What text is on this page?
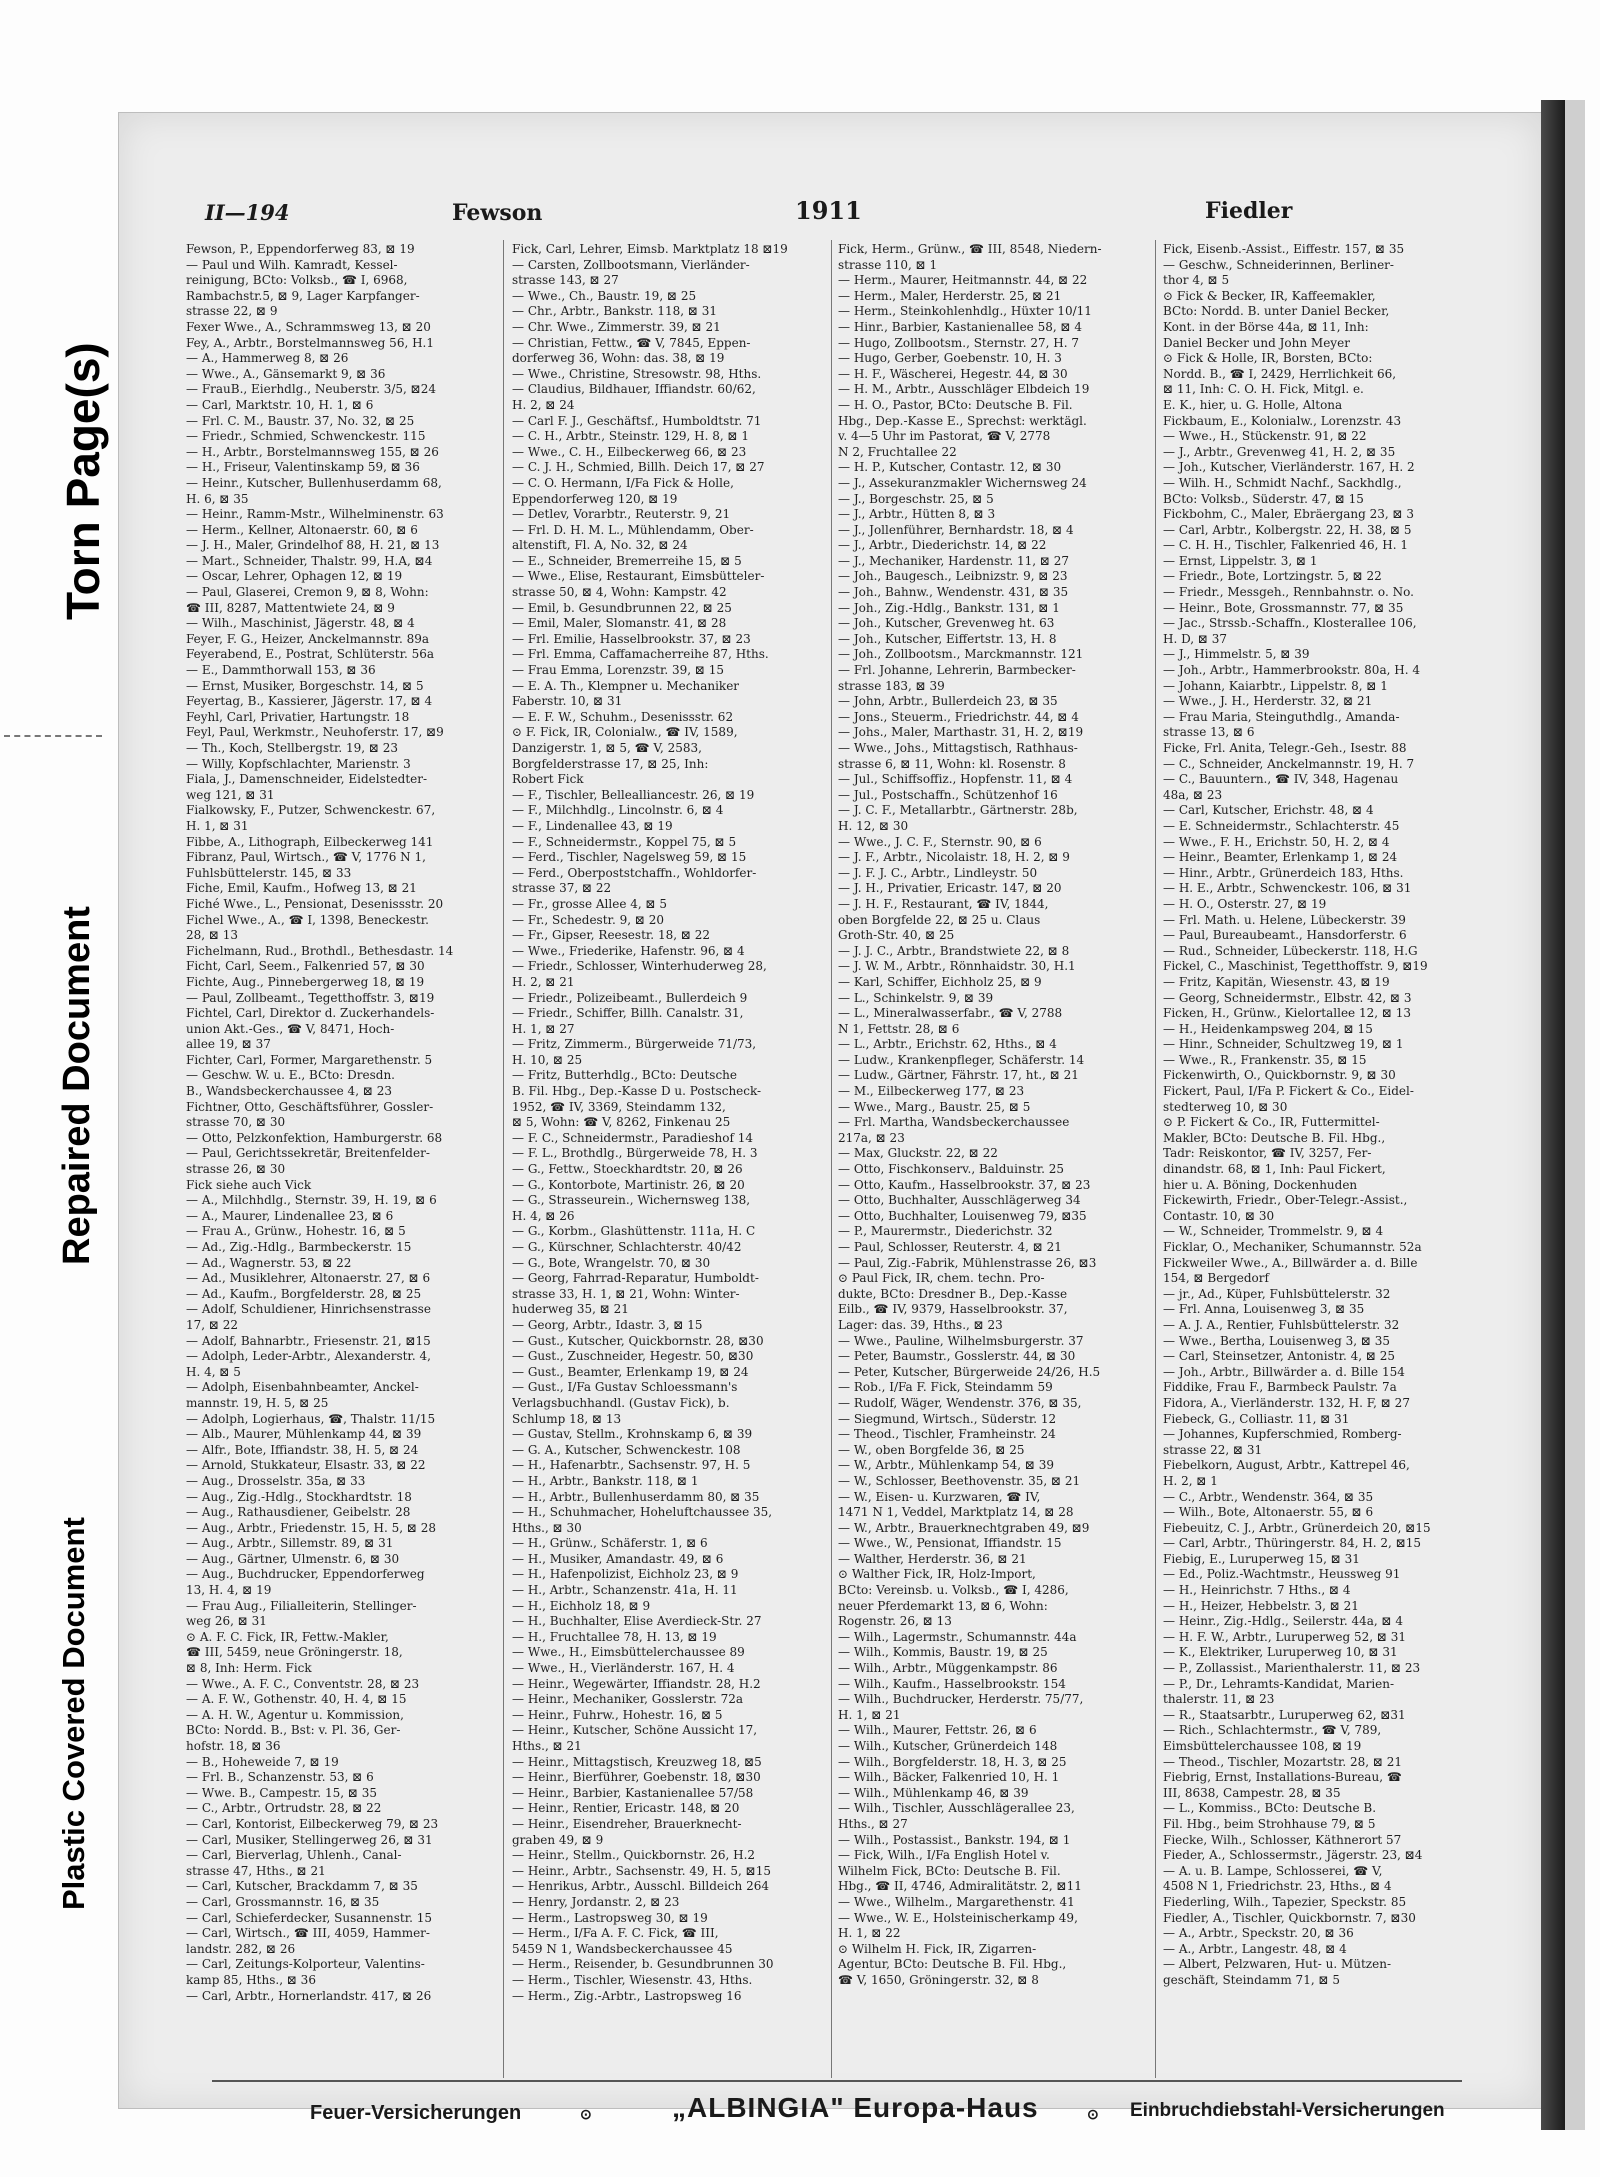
Torn Page(s)
Repaired Document
Plastic Covered Document
II—194	Fewson	1911	Fiedler
Fewson, P., Eppendorferweg 83, ⊠ 19
— Paul und Wilh. Kamradt, Kessel-
reinigung, BCto: Volksb., ☎ I, 6968,
Rambachstr.5, ⊠ 9, Lager Karpfanger-
strasse 22, ⊠ 9
Fexer Wwe., A., Schrammsweg 13, ⊠ 20
Fey, A., Arbtr., Borstelmannsweg 56, H.1
— A., Hammerweg 8, ⊠ 26
— Wwe., A., Gänsemarkt 9, ⊠ 36
— FrauB., Eierhdlg., Neuberstr. 3/5, ⊠24
— Carl, Marktstr. 10, H. 1, ⊠ 6
— Frl. C. M., Baustr. 37, No. 32, ⊠ 25
— Friedr., Schmied, Schwenckestr. 115
— H., Arbtr., Borstelmannsweg 155, ⊠ 26
— H., Friseur, Valentinskamp 59, ⊠ 36
— Heinr., Kutscher, Bullenhuserdamm 68,
H. 6, ⊠ 35
— Heinr., Ramm-Mstr., Wilhelminenstr. 63
— Herm., Kellner, Altonaerstr. 60, ⊠ 6
— J. H., Maler, Grindelhof 88, H. 21, ⊠ 13
— Mart., Schneider, Thalstr. 99, H.A, ⊠4
— Oscar, Lehrer, Ophagen 12, ⊠ 19
— Paul, Glaserei, Cremon 9, ⊠ 8, Wohn:
☎ III, 8287, Mattentwiete 24, ⊠ 9
— Wilh., Maschinist, Jägerstr. 48, ⊠ 4
Feyer, F. G., Heizer, Anckelmannstr. 89a
Feyerabend, E., Postrat, Schlüterstr. 56a
— E., Dammthorwall 153, ⊠ 36
— Ernst, Musiker, Borgeschstr. 14, ⊠ 5
Feyertag, B., Kassierer, Jägerstr. 17, ⊠ 4
Feyhl, Carl, Privatier, Hartungstr. 18
Feyl, Paul, Werkmstr., Neuhoferstr. 17, ⊠9
— Th., Koch, Stellbergstr. 19, ⊠ 23
— Willy, Kopfschlachter, Marienstr. 3
Fiala, J., Damenschneider, Eidelstedter-
weg 121, ⊠ 31
Fialkowsky, F., Putzer, Schwenckestr. 67,
H. 1, ⊠ 31
Fibbe, A., Lithograph, Eilbeckerweg 141
Fibranz, Paul, Wirtsch., ☎ V, 1776 N 1,
Fuhlsbüttelerstr. 145, ⊠ 33
Fiche, Emil, Kaufm., Hofweg 13, ⊠ 21
Fiché Wwe., L., Pensionat, Desenissstr. 20
Fichel Wwe., A., ☎ I, 1398, Beneckestr.
28, ⊠ 13
Fichelmann, Rud., Brothdl., Bethesdastr. 14
Ficht, Carl, Seem., Falkenried 57, ⊠ 30
Fichte, Aug., Pinnebergerweg 18, ⊠ 19
— Paul, Zollbeamt., Tegetthoffstr. 3, ⊠19
Fichtel, Carl, Direktor d. Zuckerhandels-
union Akt.-Ges., ☎ V, 8471, Hoch-
allee 19, ⊠ 37
Fichter, Carl, Former, Margarethenstr. 5
— Geschw. W. u. E., BCto: Dresdn.
B., Wandsbeckerchaussee 4, ⊠ 23
Fichtner, Otto, Geschäftsführer, Gossler-
strasse 70, ⊠ 30
— Otto, Pelzkonfektion, Hamburgerstr. 68
— Paul, Gerichtssekretär, Breitenfelder-
strasse 26, ⊠ 30
Fick siehe auch Vick
— A., Milchhdlg., Sternstr. 39, H. 19, ⊠ 6
— A., Maurer, Lindenallee 23, ⊠ 6
— Frau A., Grünw., Hohestr. 16, ⊠ 5
— Ad., Zig.-Hdlg., Barmbeckerstr. 15
— Ad., Wagnerstr. 53, ⊠ 22
— Ad., Musiklehrer, Altonaerstr. 27, ⊠ 6
— Ad., Kaufm., Borgfelderstr. 28, ⊠ 25
— Adolf, Schuldiener, Hinrichsenstrasse
17, ⊠ 22
— Adolf, Bahnarbtr., Friesenstr. 21, ⊠15
— Adolph, Leder-Arbtr., Alexanderstr. 4,
H. 4, ⊠ 5
— Adolph, Eisenbahnbeamter, Anckel-
mannstr. 19, H. 5, ⊠ 25
— Adolph, Logierhaus, ☎, Thalstr. 11/15
— Alb., Maurer, Mühlenkamp 44, ⊠ 39
— Alfr., Bote, Iffiandstr. 38, H. 5, ⊠ 24
— Arnold, Stukkateur, Elsastr. 33, ⊠ 22
— Aug., Drosselstr. 35a, ⊠ 33
— Aug., Zig.-Hdlg., Stockhardtstr. 18
— Aug., Rathausdiener, Geibelstr. 28
— Aug., Arbtr., Friedenstr. 15, H. 5, ⊠ 28
— Aug., Arbtr., Sillemstr. 89, ⊠ 31
— Aug., Gärtner, Ulmenstr. 6, ⊠ 30
— Aug., Buchdrucker, Eppendorferweg
13, H. 4, ⊠ 19
— Frau Aug., Filialleiterin, Stellinger-
weg 26, ⊠ 31
⊙ A. F. C. Fick, IR, Fettw.-Makler,
☎ III, 5459, neue Gröningerstr. 18,
⊠ 8, Inh: Herm. Fick
— Wwe., A. F. C., Conventstr. 28, ⊠ 23
— A. F. W., Gothenstr. 40, H. 4, ⊠ 15
— A. H. W., Agentur u. Kommission,
BCto: Nordd. B., Bst: v. Pl. 36, Ger-
hofstr. 18, ⊠ 36
— B., Hoheweide 7, ⊠ 19
— Frl. B., Schanzenstr. 53, ⊠ 6
— Wwe. B., Campestr. 15, ⊠ 35
— C., Arbtr., Ortrudstr. 28, ⊠ 22
— Carl, Kontorist, Eilbeckerweg 79, ⊠ 23
— Carl, Musiker, Stellingerweg 26, ⊠ 31
— Carl, Bierverlag, Uhlenh., Canal-
strasse 47, Hths., ⊠ 21
— Carl, Kutscher, Brackdamm 7, ⊠ 35
— Carl, Grossmannstr. 16, ⊠ 35
— Carl, Schieferdecker, Susannenstr. 15
— Carl, Wirtsch., ☎ III, 4059, Hammer-
landstr. 282, ⊠ 26
— Carl, Zeitungs-Kolporteur, Valentins-
kamp 85, Hths., ⊠ 36
— Carl, Arbtr., Hornerlandstr. 417, ⊠ 26
Fick, Carl, Lehrer, Eimsb. Marktplatz 18 ⊠19
— Carsten, Zollbootsmann, Vierländer-
strasse 143, ⊠ 27
— Wwe., Ch., Baustr. 19, ⊠ 25
— Chr., Arbtr., Bankstr. 118, ⊠ 31
— Chr. Wwe., Zimmerstr. 39, ⊠ 21
— Christian, Fettw., ☎ V, 7845, Eppen-
dorferweg 36, Wohn: das. 38, ⊠ 19
— Wwe., Christine, Stresowstr. 98, Hths.
— Claudius, Bildhauer, Iffiandstr. 60/62,
H. 2, ⊠ 24
— Carl F. J., Geschäftsf., Humboldtstr. 71
— C. H., Arbtr., Steinstr. 129, H. 8, ⊠ 1
— Wwe., C. H., Eilbeckerweg 66, ⊠ 23
— C. J. H., Schmied, Billh. Deich 17, ⊠ 27
— C. O. Hermann, I/Fa Fick & Holle,
Eppendorferweg 120, ⊠ 19
— Detlev, Vorarbtr., Reuterstr. 9, 21
— Frl. D. H. M. L., Mühlendamm, Ober-
altenstift, Fl. A, No. 32, ⊠ 24
— E., Schneider, Bremerreihe 15, ⊠ 5
— Wwe., Elise, Restaurant, Eimsbütteler-
strasse 50, ⊠ 4, Wohn: Kampstr. 42
— Emil, b. Gesundbrunnen 22, ⊠ 25
— Emil, Maler, Slomanstr. 41, ⊠ 28
— Frl. Emilie, Hasselbrookstr. 37, ⊠ 23
— Frl. Emma, Caffamacherreihe 87, Hths.
— Frau Emma, Lorenzstr. 39, ⊠ 15
— E. A. Th., Klempner u. Mechaniker
Faberstr. 10, ⊠ 31
— E. F. W., Schuhm., Desenissstr. 62
⊙ F. Fick, IR, Colonialw., ☎ IV, 1589,
Danzigerstr. 1, ⊠ 5, ☎ V, 2583,
Borgfelderstrasse 17, ⊠ 25, Inh:
Robert Fick
— F., Tischler, Bellealliancestr. 26, ⊠ 19
— F., Milchhdlg., Lincolnstr. 6, ⊠ 4
— F., Lindenallee 43, ⊠ 19
— F., Schneidermstr., Koppel 75, ⊠ 5
— Ferd., Tischler, Nagelsweg 59, ⊠ 15
— Ferd., Oberpoststchaffn., Wohldorfer-
strasse 37, ⊠ 22
— Fr., grosse Allee 4, ⊠ 5
— Fr., Schedestr. 9, ⊠ 20
— Fr., Gipser, Reesestr. 18, ⊠ 22
— Wwe., Friederike, Hafenstr. 96, ⊠ 4
— Friedr., Schlosser, Winterhuderweg 28,
H. 2, ⊠ 21
— Friedr., Polizeibeamt., Bullerdeich 9
— Friedr., Schiffer, Billh. Canalstr. 31,
H. 1, ⊠ 27
— Fritz, Zimmerm., Bürgerweide 71/73,
H. 10, ⊠ 25
— Fritz, Butterhdlg., BCto: Deutsche
B. Fil. Hbg., Dep.-Kasse D u. Postscheck-
1952, ☎ IV, 3369, Steindamm 132,
⊠ 5, Wohn: ☎ V, 8262, Finkenau 25
— F. C., Schneidermstr., Paradieshof 14
— F. L., Brothdlg., Bürgerweide 78, H. 3
— G., Fettw., Stoeckhardtstr. 20, ⊠ 26
— G., Kontorbote, Martinistr. 26, ⊠ 20
— G., Strasseurein., Wichernsweg 138,
H. 4, ⊠ 26
— G., Korbm., Glashüttenstr. 111a, H. C
— G., Kürschner, Schlachterstr. 40/42
— G., Bote, Wrangelstr. 70, ⊠ 30
— Georg, Fahrrad-Reparatur, Humboldt-
strasse 33, H. 1, ⊠ 21, Wohn: Winter-
huderweg 35, ⊠ 21
— Georg, Arbtr., Idastr. 3, ⊠ 15
— Gust., Kutscher, Quickbornstr. 28, ⊠30
— Gust., Zuschneider, Hegestr. 50, ⊠30
— Gust., Beamter, Erlenkamp 19, ⊠ 24
— Gust., I/Fa Gustav Schloessmann's
Verlagsbuchhandl. (Gustav Fick), b.
Schlump 18, ⊠ 13
— Gustav, Stellm., Krohnskamp 6, ⊠ 39
— G. A., Kutscher, Schwenckestr. 108
— H., Hafenarbtr., Sachsenstr. 97, H. 5
— H., Arbtr., Bankstr. 118, ⊠ 1
— H., Arbtr., Bullenhuserdamm 80, ⊠ 35
— H., Schuhmacher, Hoheluftchaussee 35,
Hths., ⊠ 30
— H., Grünw., Schäferstr. 1, ⊠ 6
— H., Musiker, Amandastr. 49, ⊠ 6
— H., Hafenpolizist, Eichholz 23, ⊠ 9
— H., Arbtr., Schanzenstr. 41a, H. 11
— H., Eichholz 18, ⊠ 9
— H., Buchhalter, Elise Averdieck-Str. 27
— H., Fruchtallee 78, H. 13, ⊠ 19
— Wwe., H., Eimsbüttelerchaussee 89
— Wwe., H., Vierländerstr. 167, H. 4
— Heinr., Wegewärter, Iffiandstr. 28, H.2
— Heinr., Mechaniker, Gosslerstr. 72a
— Heinr., Fuhrw., Hohestr. 16, ⊠ 5
— Heinr., Kutscher, Schöne Aussicht 17,
Hths., ⊠ 21
— Heinr., Mittagstisch, Kreuzweg 18, ⊠5
— Heinr., Bierführer, Goebenstr. 18, ⊠30
— Heinr., Barbier, Kastanienallee 57/58
— Heinr., Rentier, Ericastr. 148, ⊠ 20
— Heinr., Eisendreher, Brauerknecht-
graben 49, ⊠ 9
— Heinr., Stellm., Quickbornstr. 26, H.2
— Heinr., Arbtr., Sachsenstr. 49, H. 5, ⊠15
— Henrikus, Arbtr., Ausschl. Billdeich 264
— Henry, Jordanstr. 2, ⊠ 23
— Herm., Lastropsweg 30, ⊠ 19
— Herm., I/Fa A. F. C. Fick, ☎ III,
5459 N 1, Wandsbeckerchaussee 45
— Herm., Reisender, b. Gesundbrunnen 30
— Herm., Tischler, Wiesenstr. 43, Hths.
— Herm., Zig.-Arbtr., Lastropsweg 16
Fick, Herm., Grünw., ☎ III, 8548, Niedern-
strasse 110, ⊠ 1
— Herm., Maurer, Heitmannstr. 44, ⊠ 22
— Herm., Maler, Herderstr. 25, ⊠ 21
— Herm., Steinkohlenhdlg., Hüxter 10/11
— Hinr., Barbier, Kastanienallee 58, ⊠ 4
— Hugo, Zollbootsm., Sternstr. 27, H. 7
— Hugo, Gerber, Goebenstr. 10, H. 3
— H. F., Wäscherei, Hegestr. 44, ⊠ 30
— H. M., Arbtr., Ausschläger Elbdeich 19
— H. O., Pastor, BCto: Deutsche B. Fil.
Hbg., Dep.-Kasse E., Sprechst: werktägl.
v. 4—5 Uhr im Pastorat, ☎ V, 2778
N 2, Fruchtallee 22
— H. P., Kutscher, Contastr. 12, ⊠ 30
— J., Assekuranzmakler Wichernsweg 24
— J., Borgeschstr. 25, ⊠ 5
— J., Arbtr., Hütten 8, ⊠ 3
— J., Jollenführer, Bernhardstr. 18, ⊠ 4
— J., Arbtr., Diederichstr. 14, ⊠ 22
— J., Mechaniker, Hardenstr. 11, ⊠ 27
— Joh., Baugesch., Leibnizstr. 9, ⊠ 23
— Joh., Bahnw., Wendenstr. 431, ⊠ 35
— Joh., Zig.-Hdlg., Bankstr. 131, ⊠ 1
— Joh., Kutscher, Grevenweg ht. 63
— Joh., Kutscher, Eiffertstr. 13, H. 8
— Joh., Zollbootsm., Marckmannstr. 121
— Frl. Johanne, Lehrerin, Barmbecker-
strasse 183, ⊠ 39
— John, Arbtr., Bullerdeich 23, ⊠ 35
— Jons., Steuerm., Friedrichstr. 44, ⊠ 4
— Johs., Maler, Marthastr. 31, H. 2, ⊠19
— Wwe., Johs., Mittagstisch, Rathhaus-
strasse 6, ⊠ 11, Wohn: kl. Rosenstr. 8
— Jul., Schiffsoffiz., Hopfenstr. 11, ⊠ 4
— Jul., Postschaffn., Schützenhof 16
— J. C. F., Metallarbtr., Gärtnerstr. 28b,
H. 12, ⊠ 30
— Wwe., J. C. F., Sternstr. 90, ⊠ 6
— J. F., Arbtr., Nicolaistr. 18, H. 2, ⊠ 9
— J. F. J. C., Arbtr., Lindleystr. 50
— J. H., Privatier, Ericastr. 147, ⊠ 20
— J. H. F., Restaurant, ☎ IV, 1844,
oben Borgfelde 22, ⊠ 25 u. Claus
Groth-Str. 40, ⊠ 25
— J. J. C., Arbtr., Brandstwiete 22, ⊠ 8
— J. W. M., Arbtr., Rönnhaidstr. 30, H.1
— Karl, Schiffer, Eichholz 25, ⊠ 9
— L., Schinkelstr. 9, ⊠ 39
— L., Mineralwasserfabr., ☎ V, 2788
N 1, Fettstr. 28, ⊠ 6
— L., Arbtr., Erichstr. 62, Hths., ⊠ 4
— Ludw., Krankenpfleger, Schäferstr. 14
— Ludw., Gärtner, Fährstr. 17, ht., ⊠ 21
— M., Eilbeckerweg 177, ⊠ 23
— Wwe., Marg., Baustr. 25, ⊠ 5
— Frl. Martha, Wandsbeckerchaussee
217a, ⊠ 23
— Max, Gluckstr. 22, ⊠ 22
— Otto, Fischkonserv., Balduinstr. 25
— Otto, Kaufm., Hasselbrookstr. 37, ⊠ 23
— Otto, Buchhalter, Ausschlägerweg 34
— Otto, Buchhalter, Louisenweg 79, ⊠35
— P., Maurermstr., Diederichstr. 32
— Paul, Schlosser, Reuterstr. 4, ⊠ 21
— Paul, Zig.-Fabrik, Mühlenstrasse 26, ⊠3
⊙ Paul Fick, IR, chem. techn. Pro-
dukte, BCto: Dresdner B., Dep.-Kasse
Eilb., ☎ IV, 9379, Hasselbrookstr. 37,
Lager: das. 39, Hths., ⊠ 23
— Wwe., Pauline, Wilhelmsburgerstr. 37
— Peter, Baumstr., Gosslerstr. 44, ⊠ 30
— Peter, Kutscher, Bürgerweide 24/26, H.5
— Rob., I/Fa F. Fick, Steindamm 59
— Rudolf, Wäger, Wendenstr. 376, ⊠ 35,
— Siegmund, Wirtsch., Süderstr. 12
— Theod., Tischler, Framheinstr. 24
— W., oben Borgfelde 36, ⊠ 25
— W., Arbtr., Mühlenkamp 54, ⊠ 39
— W., Schlosser, Beethovenstr. 35, ⊠ 21
— W., Eisen- u. Kurzwaren, ☎ IV,
1471 N 1, Veddel, Marktplatz 14, ⊠ 28
— W., Arbtr., Brauerknechtgraben 49, ⊠9
— Wwe., W., Pensionat, Iffiandstr. 15
— Walther, Herderstr. 36, ⊠ 21
⊙ Walther Fick, IR, Holz-Import,
BCto: Vereinsb. u. Volksb., ☎ I, 4286,
neuer Pferdemarkt 13, ⊠ 6, Wohn:
Rogenstr. 26, ⊠ 13
— Wilh., Lagermstr., Schumannstr. 44a
— Wilh., Kommis, Baustr. 19, ⊠ 25
— Wilh., Arbtr., Müggenkampstr. 86
— Wilh., Kaufm., Hasselbrookstr. 154
— Wilh., Buchdrucker, Herderstr. 75/77,
H. 1, ⊠ 21
— Wilh., Maurer, Fettstr. 26, ⊠ 6
— Wilh., Kutscher, Grünerdeich 148
— Wilh., Borgfelderstr. 18, H. 3, ⊠ 25
— Wilh., Bäcker, Falkenried 10, H. 1
— Wilh., Mühlenkamp 46, ⊠ 39
— Wilh., Tischler, Ausschlägerallee 23,
Hths., ⊠ 27
— Wilh., Postassist., Bankstr. 194, ⊠ 1
— Fick, Wilh., I/Fa English Hotel v.
Wilhelm Fick, BCto: Deutsche B. Fil.
Hbg., ☎ II, 4746, Admiralitätstr. 2, ⊠11
— Wwe., Wilhelm., Margarethenstr. 41
— Wwe., W. E., Holsteinischerkamp 49,
H. 1, ⊠ 22
⊙ Wilhelm H. Fick, IR, Zigarren-
Agentur, BCto: Deutsche B. Fil. Hbg.,
☎ V, 1650, Gröningerstr. 32, ⊠ 8
Fick, Eisenb.-Assist., Eiffestr. 157, ⊠ 35
— Geschw., Schneiderinnen, Berliner-
thor 4, ⊠ 5
⊙ Fick & Becker, IR, Kaffeemakler,
BCto: Nordd. B. unter Daniel Becker,
Kont. in der Börse 44a, ⊠ 11, Inh:
Daniel Becker und John Meyer
⊙ Fick & Holle, IR, Borsten, BCto:
Nordd. B., ☎ I, 2429, Herrlichkeit 66,
⊠ 11, Inh: C. O. H. Fick, Mitgl. e.
E. K., hier, u. G. Holle, Altona
Fickbaum, E., Kolonialw., Lorenzstr. 43
— Wwe., H., Stückenstr. 91, ⊠ 22
— J., Arbtr., Grevenweg 41, H. 2, ⊠ 35
— Joh., Kutscher, Vierländerstr. 167, H. 2
— Wilh. H., Schmidt Nachf., Sackhdlg.,
BCto: Volksb., Süderstr. 47, ⊠ 15
Fickbohm, C., Maler, Ebräergang 23, ⊠ 3
— Carl, Arbtr., Kolbergstr. 22, H. 38, ⊠ 5
— C. H. H., Tischler, Falkenried 46, H. 1
— Ernst, Lippelstr. 3, ⊠ 1
— Friedr., Bote, Lortzingstr. 5, ⊠ 22
— Friedr., Messgeh., Rennbahnstr. o. No.
— Heinr., Bote, Grossmannstr. 77, ⊠ 35
— Jac., Strssb.-Schaffn., Klosterallee 106,
H. D, ⊠ 37
— J., Himmelstr. 5, ⊠ 39
— Joh., Arbtr., Hammerbrookstr. 80a, H. 4
— Johann, Kaiarbtr., Lippelstr. 8, ⊠ 1
— Wwe., J. H., Herderstr. 32, ⊠ 21
— Frau Maria, Steinguthdlg., Amanda-
strasse 13, ⊠ 6
Ficke, Frl. Anita, Telegr.-Geh., Isestr. 88
— C., Schneider, Anckelmannstr. 19, H. 7
— C., Bauuntern., ☎ IV, 348, Hagenau
48a, ⊠ 23
— Carl, Kutscher, Erichstr. 48, ⊠ 4
— E. Schneidermstr., Schlachterstr. 45
— Wwe., F. H., Erichstr. 50, H. 2, ⊠ 4
— Heinr., Beamter, Erlenkamp 1, ⊠ 24
— Hinr., Arbtr., Grünerdeich 183, Hths.
— H. E., Arbtr., Schwenckestr. 106, ⊠ 31
— H. O., Osterstr. 27, ⊠ 19
— Frl. Math. u. Helene, Lübeckerstr. 39
— Paul, Bureaubeamt., Hansdorferstr. 6
— Rud., Schneider, Lübeckerstr. 118, H.G
Fickel, C., Maschinist, Tegetthoffstr. 9, ⊠19
— Fritz, Kapitän, Wiesenstr. 43, ⊠ 19
— Georg, Schneidermstr., Elbstr. 42, ⊠ 3
Ficken, H., Grünw., Kielortallee 12, ⊠ 13
— H., Heidenkampsweg 204, ⊠ 15
— Hinr., Schneider, Schultzweg 19, ⊠ 1
— Wwe., R., Frankenstr. 35, ⊠ 15
Fickenwirth, O., Quickbornstr. 9, ⊠ 30
Fickert, Paul, I/Fa P. Fickert & Co., Eidel-
stedterweg 10, ⊠ 30
⊙ P. Fickert & Co., IR, Futtermittel-
Makler, BCto: Deutsche B. Fil. Hbg.,
Tadr: Reiskontor, ☎ IV, 3257, Fer-
dinandstr. 68, ⊠ 1, Inh: Paul Fickert,
hier u. A. Böning, Dockenhuden
Fickewirth, Friedr., Ober-Telegr.-Assist.,
Contastr. 10, ⊠ 30
— W., Schneider, Trommelstr. 9, ⊠ 4
Ficklar, O., Mechaniker, Schumannstr. 52a
Fickweiler Wwe., A., Billwärder a. d. Bille
154, ⊠ Bergedorf
— jr., Ad., Küper, Fuhlsbüttelerstr. 32
— Frl. Anna, Louisenweg 3, ⊠ 35
— A. J. A., Rentier, Fuhlsbüttelerstr. 32
— Wwe., Bertha, Louisenweg 3, ⊠ 35
— Carl, Steinsetzer, Antonistr. 4, ⊠ 25
— Joh., Arbtr., Billwärder a. d. Bille 154
Fiddike, Frau F., Barmbeck Paulstr. 7a
Fidora, A., Vierländerstr. 132, H. F, ⊠ 27
Fiebeck, G., Colliastr. 11, ⊠ 31
— Johannes, Kupferschmied, Romberg-
strasse 22, ⊠ 31
Fiebelkorn, August, Arbtr., Kattrepel 46,
H. 2, ⊠ 1
— C., Arbtr., Wendenstr. 364, ⊠ 35
— Wilh., Bote, Altonaerstr. 55, ⊠ 6
Fiebeuitz, C. J., Arbtr., Grünerdeich 20, ⊠15
— Carl, Arbtr., Thüringerstr. 84, H. 2, ⊠15
Fiebig, E., Luruperweg 15, ⊠ 31
— Ed., Poliz.-Wachtmstr., Heussweg 91
— H., Heinrichstr. 7 Hths., ⊠ 4
— H., Heizer, Hebbelstr. 3, ⊠ 21
— Heinr., Zig.-Hdlg., Seilerstr. 44a, ⊠ 4
— H. F. W., Arbtr., Luruperweg 52, ⊠ 31
— K., Elektriker, Luruperweg 10, ⊠ 31
— P., Zollassist., Marienthalerstr. 11, ⊠ 23
— P., Dr., Lehramts-Kandidat, Marien-
thalerstr. 11, ⊠ 23
— R., Staatsarbtr., Luruperweg 62, ⊠31
— Rich., Schlachtermstr., ☎ V, 789,
Eimsbüttelerchaussee 108, ⊠ 19
— Theod., Tischler, Mozartstr. 28, ⊠ 21
Fiebrig, Ernst, Installations-Bureau, ☎
III, 8638, Campestr. 28, ⊠ 35
— L., Kommiss., BCto: Deutsche B.
Fil. Hbg., beim Strohhause 79, ⊠ 5
Fiecke, Wilh., Schlosser, Käthnerort 57
Fieder, A., Schlossermstr., Jägerstr. 23, ⊠4
— A. u. B. Lampe, Schlosserei, ☎ V,
4508 N 1, Friedrichstr. 23, Hths., ⊠ 4
Fiederling, Wilh., Tapezier, Speckstr. 85
Fiedler, A., Tischler, Quickbornstr. 7, ⊠30
— A., Arbtr., Speckstr. 20, ⊠ 36
— A., Arbtr., Langestr. 48, ⊠ 4
— Albert, Pelzwaren, Hut- u. Mützen-
geschäft, Steindamm 71, ⊠ 5
Feuer-Versicherungen	⊙	„ALBINGIA" Europa-Haus	⊙ Einbruchdiebstahl-Versicherungen
